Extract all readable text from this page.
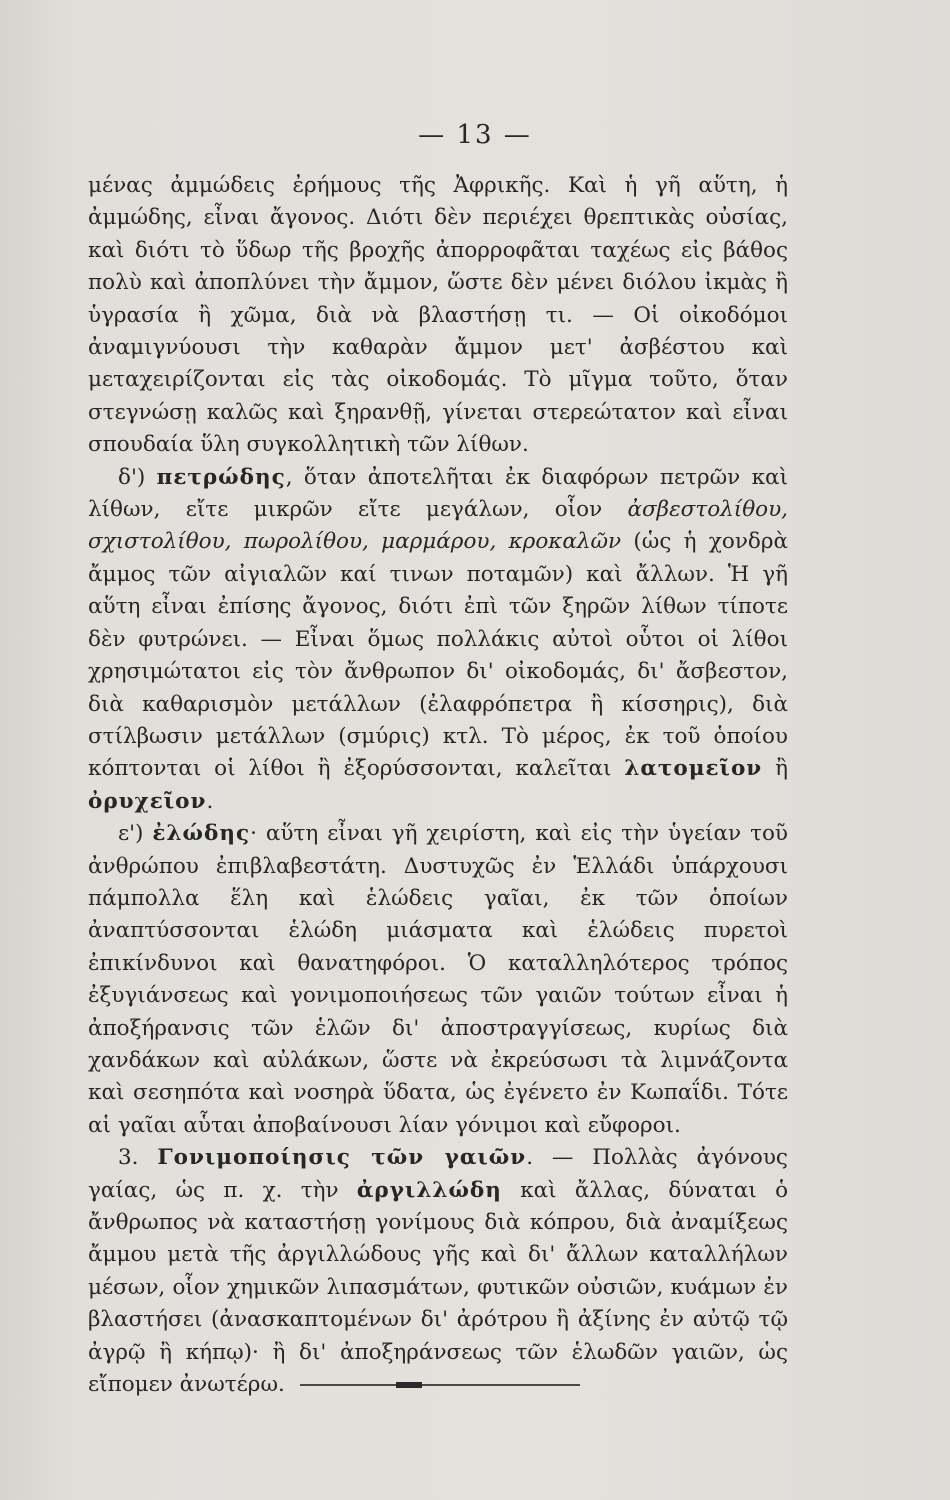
— 13 —

μένας ἀμμώδεις ἐρήμους τῆς Ἀφρικῆς. Καὶ ἡ γῆ αὕτη, ἡ ἀμμώδης, εἶναι ἄγονος. Διότι δὲν περιέχει θρεπτικὰς οὐσίας, καὶ διότι τὸ ὕδωρ τῆς βροχῆς ἀπορροφᾶται ταχέως εἰς βάθος πολὺ καὶ ἀποπλύνει τὴν ἄμμον, ὥστε δὲν μένει διόλου ἰκμὰς ἢ ὑγρασία ἢ χῶμα, διὰ νὰ βλαστήσῃ τι. — Οἱ οἰκοδόμοι ἀναμιγνύουσι τὴν καθαρὰν ἄμμον μετ' ἀσβέστου καὶ μεταχειρίζονται εἰς τὰς οἰκοδομάς. Τὸ μῖγμα τοῦτο, ὅταν στεγνώσῃ καλῶς καὶ ξηρανθῇ, γίνεται στερεώτατον καὶ εἶναι σπουδαία ὕλη συγκολλητικὴ τῶν λίθων.

δ') πετρώδης, ὅταν ἀποτελῆται ἐκ διαφόρων πετρῶν καὶ λίθων, εἴτε μικρῶν εἴτε μεγάλων, οἷον ἀσβεστολίθου, σχιστολίθου, πωρολίθου, μαρμάρου, κροκαλῶν (ὡς ἡ χονδρὰ ἄμμος τῶν αἰγιαλῶν καί τινων ποταμῶν) καὶ ἄλλων. Ἡ γῆ αὕτη εἶναι ἐπίσης ἄγονος, διότι ἐπὶ τῶν ξηρῶν λίθων τίποτε δὲν φυτρώνει. — Εἶναι ὅμως πολλάκις αὐτοὶ οὗτοι οἱ λίθοι χρησιμώτατοι εἰς τὸν ἄνθρωπον δι' οἰκοδομάς, δι' ἄσβεστον, διὰ καθαρισμὸν μετάλλων (ἐλαφρόπετρα ἢ κίσσηρις), διὰ στίλβωσιν μετάλλων (σμύρις) κτλ. Τὸ μέρος, ἐκ τοῦ ὁποίου κόπτονται οἱ λίθοι ἢ ἐξορύσσονται, καλεῖται λατομεῖον ἢ ὀρυχεῖον.

ε') ἐλώδης· αὕτη εἶναι γῆ χειρίστη, καὶ εἰς τὴν ὑγείαν τοῦ ἀνθρώπου ἐπιβλαβεστάτη. Δυστυχῶς ἐν Ἑλλάδι ὑπάρχουσι πάμπολλα ἕλη καὶ ἑλώδεις γαῖαι, ἐκ τῶν ὁποίων ἀναπτύσσονται ἑλώδη μιάσματα καὶ ἑλώδεις πυρετοὶ ἐπικίνδυνοι καὶ θανατηφόροι. Ὁ καταλληλότερος τρόπος ἐξυγιάνσεως καὶ γονιμοποιήσεως τῶν γαιῶν τούτων εἶναι ἡ ἀποξήρανσις τῶν ἑλῶν δι' ἀποστραγγίσεως, κυρίως διὰ χανδάκων καὶ αὐλάκων, ὥστε νὰ ἐκρεύσωσι τὰ λιμνάζοντα καὶ σεσηπότα καὶ νοσηρὰ ὕδατα, ὡς ἐγένετο ἐν Κωπαΐδι. Τότε αἱ γαῖαι αὗται ἀποβαίνουσι λίαν γόνιμοι καὶ εὔφοροι.

3. Γονιμοποίησις τῶν γαιῶν. — Πολλὰς ἀγόνους γαίας, ὡς π. χ. τὴν ἀργιλλώδη καὶ ἄλλας, δύναται ὁ ἄνθρωπος νὰ καταστήσῃ γονίμους διὰ κόπρου, διὰ ἀναμίξεως ἄμμου μετὰ τῆς ἀργιλλώδους γῆς καὶ δι' ἄλλων καταλλήλων μέσων, οἷον χημικῶν λιπασμάτων, φυτικῶν οὐσιῶν, κυάμων ἐν βλαστήσει (ἀνασκαπτομένων δι' ἀρότρου ἢ ἀξίνης ἐν αὐτῷ τῷ ἀγρῷ ἢ κήπῳ)· ἢ δι' ἀποξηράνσεως τῶν ἑλωδῶν γαιῶν, ὡς εἴπομεν ἀνωτέρω.
